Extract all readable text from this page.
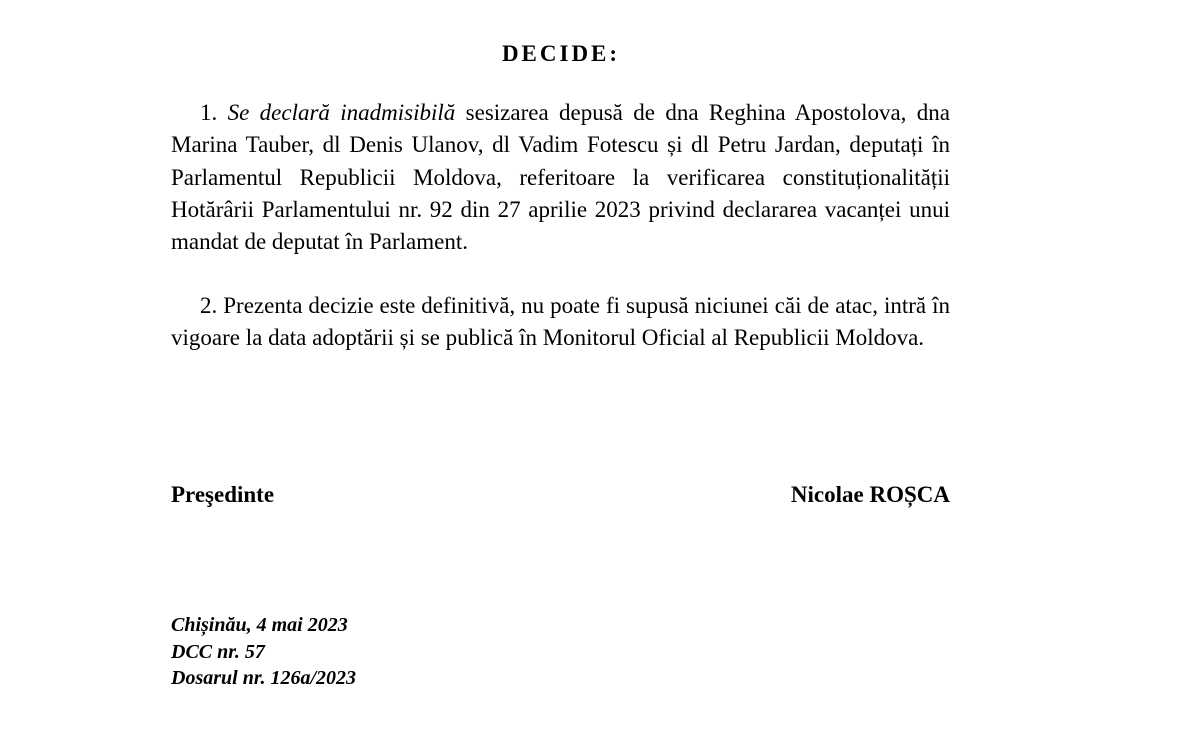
DECIDE:

1. Se declară inadmisibilă sesizarea depusă de dna Reghina Apostolova, dna Marina Tauber, dl Denis Ulanov, dl Vadim Fotescu și dl Petru Jardan, deputați în Parlamentul Republicii Moldova, referitoare la verificarea constituționalității Hotărârii Parlamentului nr. 92 din 27 aprilie 2023 privind declararea vacanței unui mandat de deputat în Parlament.

2. Prezenta decizie este definitivă, nu poate fi supusă niciunei căi de atac, intră în vigoare la data adoptării și se publică în Monitorul Oficial al Republicii Moldova.

Preşedinte	Nicolae ROȘCA
Chișinău, 4 mai 2023
DCC nr. 57
Dosarul nr. 126a/2023
